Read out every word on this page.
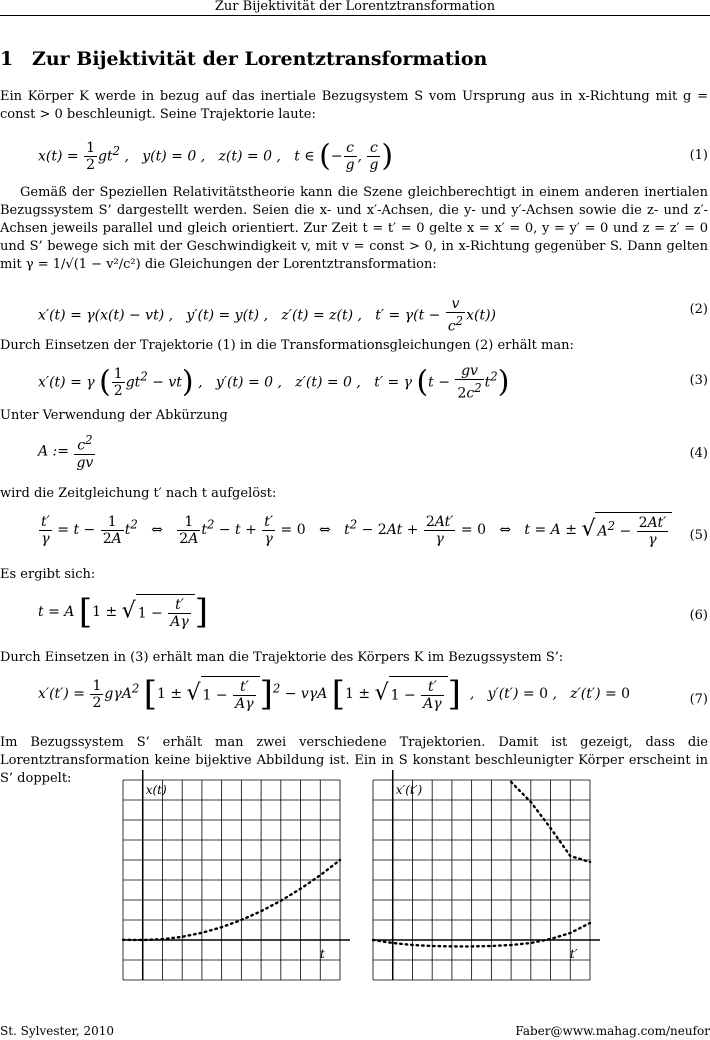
Zur Bijektivität der Lorentztransformation
1 Zur Bijektivität der Lorentztransformation
Ein Körper K werde in bezug auf das inertiale Bezugsystem S vom Ursprung aus in x-Richtung mit g = const > 0 beschleunigt. Seine Trajektorie laute:
$x(t) = \frac{1}{2} gt^2$ ,   y(t) = 0 ,   z(t) = 0 ,   t ∈ (− $\frac{c}{g}$ , $\frac{c}{g}$ )	(1)
Gemäß der Speziellen Relativitätstheorie kann die Szene gleichberechtigt in einem anderen inertialen Bezugssystem S’ dargestellt werden. Seien die x- und x′-Achsen, die y- und y′-Achsen sowie die z- und z′-Achsen jeweils parallel und gleich orientiert. Zur Zeit t = t′ = 0 gelte x = x′ = 0, y = y′ = 0 und z = z′ = 0 und S’ bewege sich mit der Geschwindigkeit v, mit v = const > 0, in x-Richtung gegenüber S. Dann gelten mit γ = 1/√(1 − v²/c²) die Gleichungen der Lorentztransformation:
x′(t) = γ(x(t) − vt) ,   y′(t) = y(t) ,   z′(t) = z(t) ,   $t' = \gamma(t - \frac{v}{c^2} x(t))$	(2)
Durch Einsetzen der Trajektorie (1) in die Transformationsgleichungen (2) erhält man:
x′(t) = γ ( $\frac{1}{2} gt^2 - vt$) ,   y′(t) = 0 ,   z′(t) = 0 ,   t′ = γ $(t - \frac{gv}{2c^2} t^2)$	(3)
Unter Verwendung der Abkürzung
A := $\frac{c^2}{gv}$	(4)
wird die Zeitgleichung t′ nach t aufgelöst:
$\frac{t'}{\gamma} = t - \frac{1}{2A} t^2$ ⇔ $\frac{1}{2A} t^2 - t + \frac{t'}{\gamma} = 0$ ⇔   $t^2 - 2At + \frac{2At'}{\gamma} = 0$ ⇔   t = A ± √ $A^2 - \frac{2At'}{\gamma} (5)$
Es ergibt sich:
t = A [1 ± √ $1 - \frac{t'}{A\gamma}$ ]	(6)
Durch Einsetzen in (3) erhält man die Trajektorie des Körpers K im Bezugssystem S’:
$x'(t') = \frac{1}{2} g\gamma A^2$ [1 ± √ $1 - \frac{t'}{A\gamma} ]^2 - v\gamma A$ [1 ± √ $1 - \frac{t'}{A\gamma}$ ]  ,   y′(t′) = 0 ,   z′(t′) = 0	(7)
Im Bezugssystem S’ erhält man zwei verschiedene Trajektorien. Damit ist gezeigt, dass die Lorentztransformation keine bijektive Abbildung ist. Ein in S konstant beschleunigter Körper erscheint in S’ doppelt:
x(t)
t
x′(t′)
t′
St. Sylvester, 2010	Faber@www.mahag.com/neufor
